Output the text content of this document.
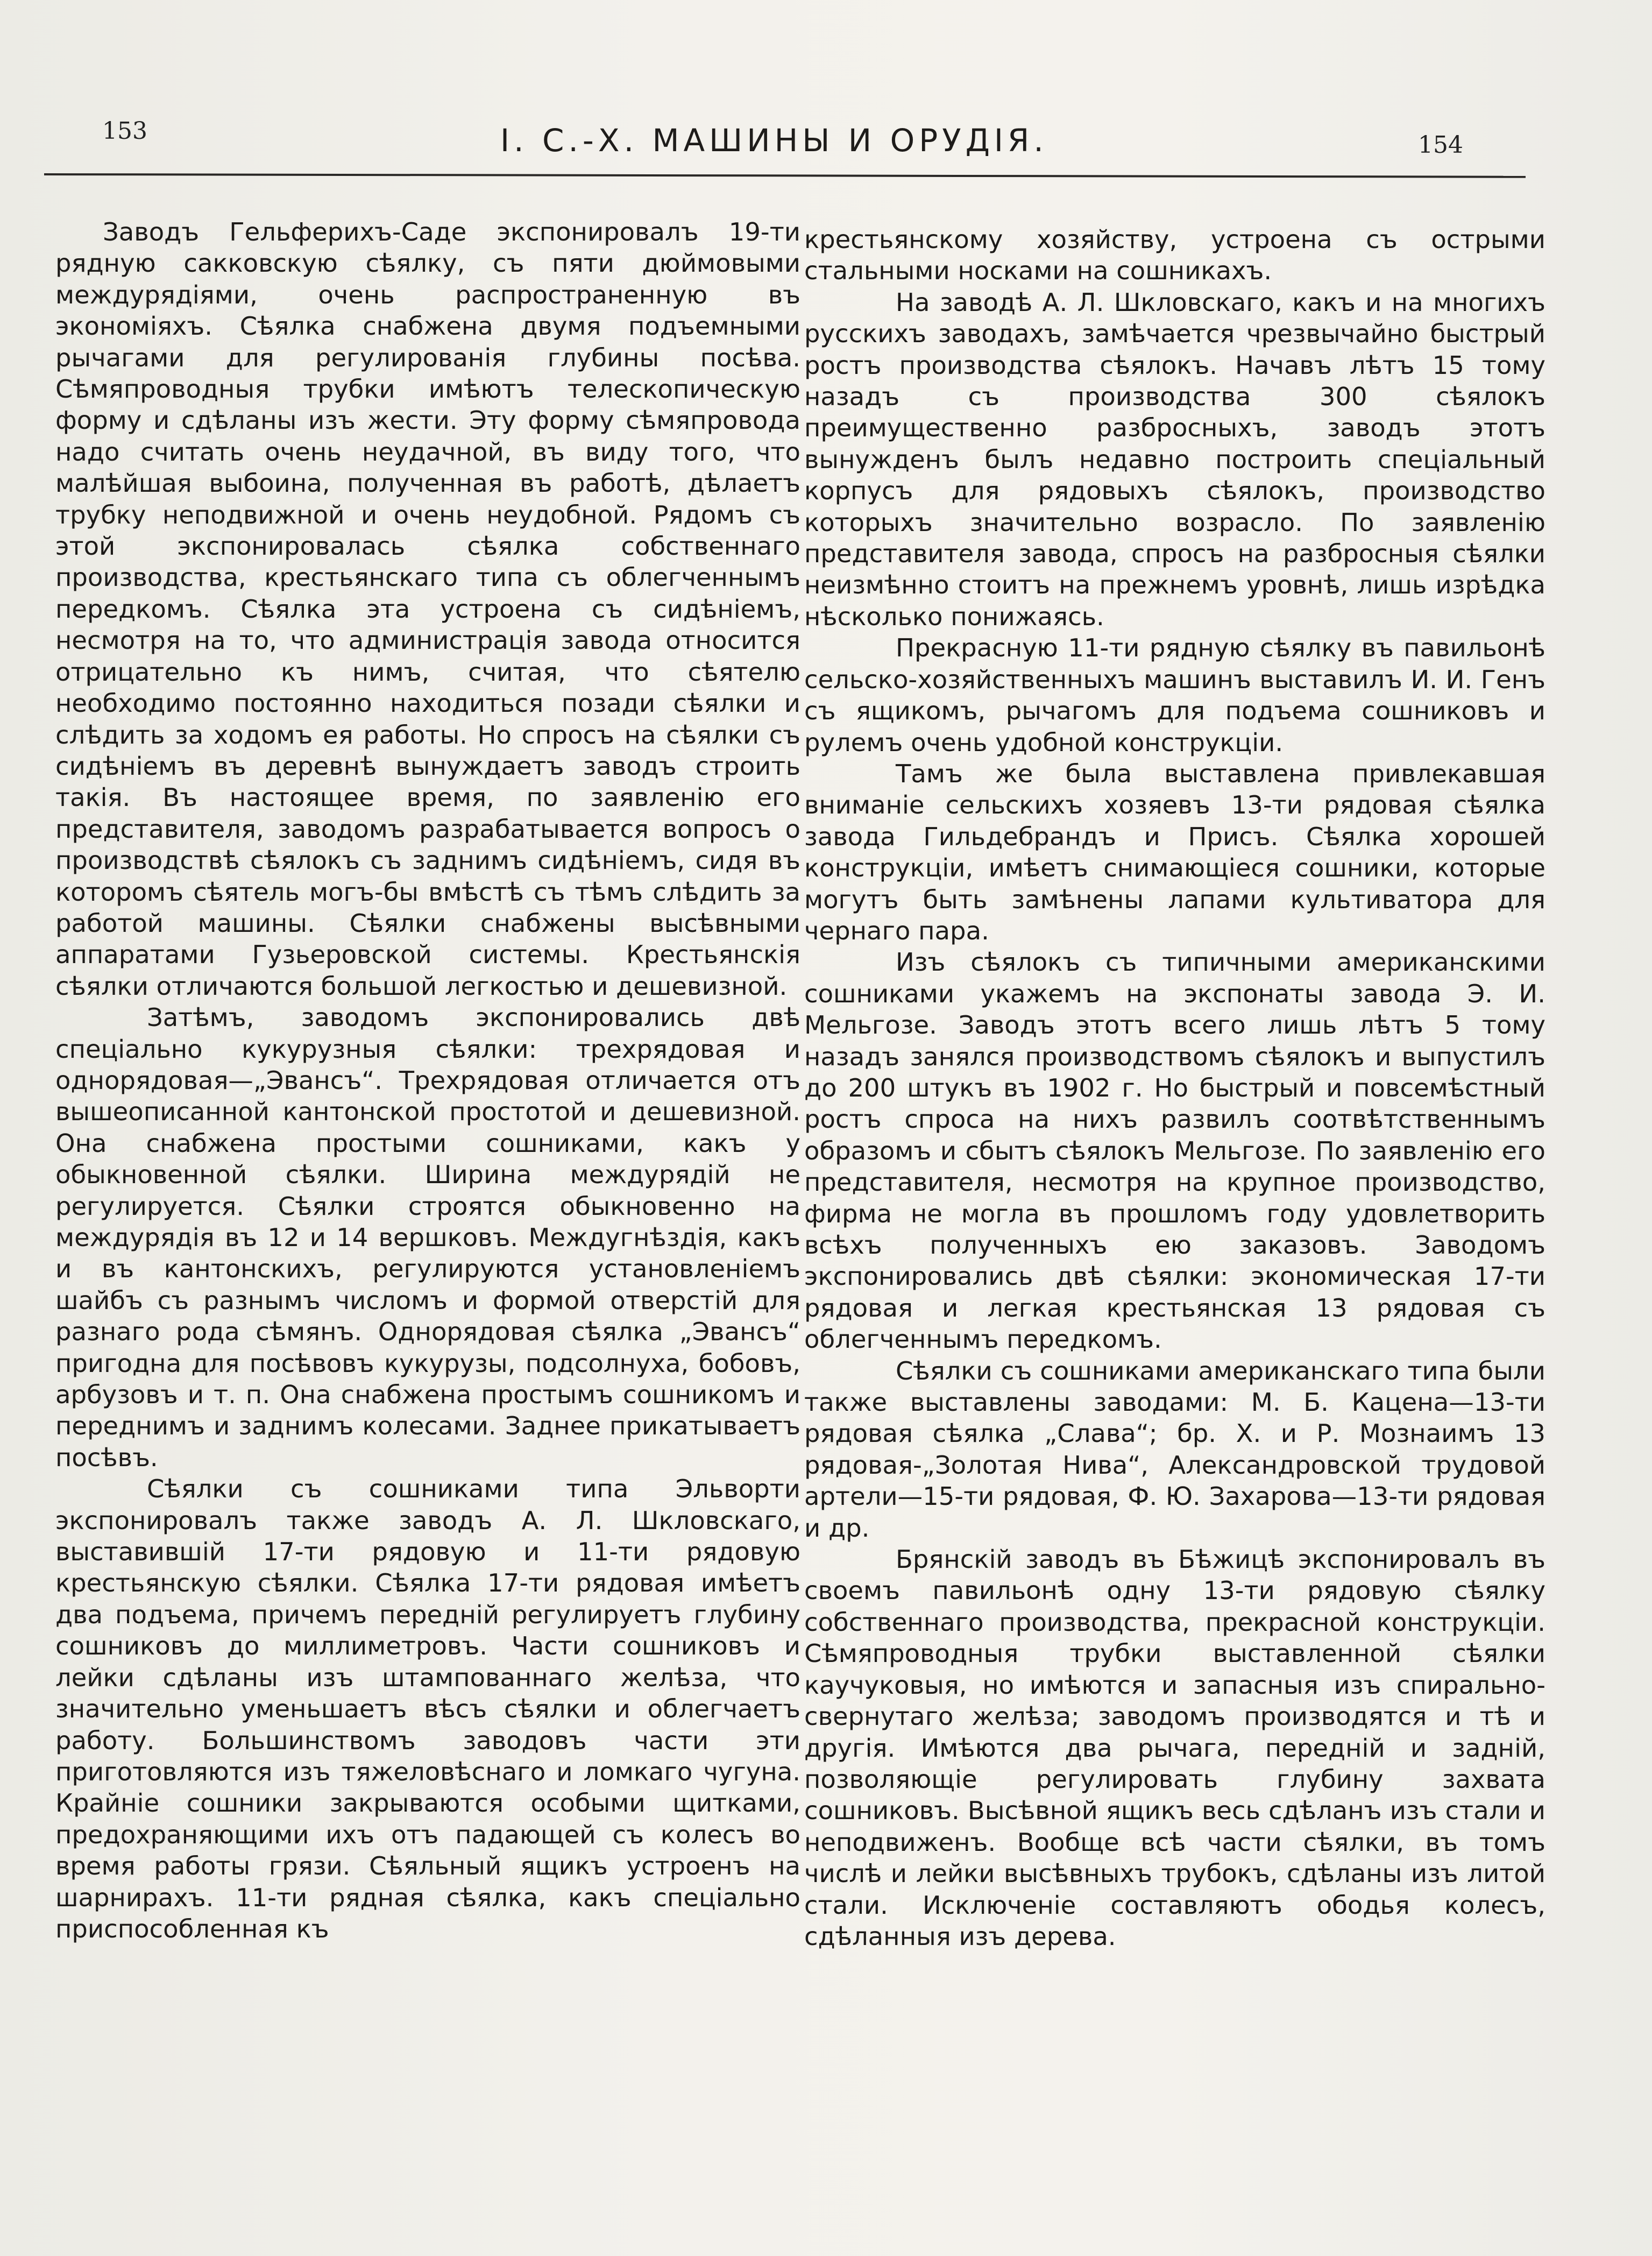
153	I. С.-Х. МАШИНЫ И ОРУДІЯ.	154

Заводъ Гельферихъ-Саде экспонировалъ 19-ти рядную сакковскую сѣялку, съ пяти дюймовыми междурядіями, очень распространенную въ экономіяхъ. Сѣялка снабжена двумя подъемными рычагами для регулированія глубины посѣва. Сѣмяпроводныя трубки имѣютъ телескопическую форму и сдѣланы изъ жести. Эту форму сѣмяпровода надо считать очень неудачной, въ виду того, что малѣйшая выбоина, полученная въ работѣ, дѣлаетъ трубку неподвижной и очень неудобной. Рядомъ съ этой экспонировалась сѣялка собственнаго производства, крестьянскаго типа съ облегченнымъ передкомъ. Сѣялка эта устроена съ сидѣніемъ, несмотря на то, что администрація завода относится отрицательно къ нимъ, считая, что сѣятелю необходимо постоянно находиться позади сѣялки и слѣдить за ходомъ ея работы. Но спросъ на сѣялки съ сидѣніемъ въ деревнѣ вынуждаетъ заводъ строить такія. Въ настоящее время, по заявленію его представителя, заводомъ разрабатывается вопросъ о производствѣ сѣялокъ съ заднимъ сидѣніемъ, сидя въ которомъ сѣятель могъ-бы вмѣстѣ съ тѣмъ слѣдить за работой машины. Сѣялки снабжены высѣвными аппаратами Гузьеровской системы. Крестьянскія сѣялки отличаются большой легкостью и дешевизной.

Затѣмъ, заводомъ экспонировались двѣ спеціально кукурузныя сѣялки: трехрядовая и однорядовая—„Эвансъ“. Трехрядовая отличается отъ вышеописанной кантонской простотой и дешевизной. Она снабжена простыми сошниками, какъ у обыкновенной сѣялки. Ширина междурядій не регулируется. Сѣялки строятся обыкновенно на междурядія въ 12 и 14 вершковъ. Междугнѣздія, какъ и въ кантонскихъ, регулируются установленіемъ шайбъ съ разнымъ числомъ и формой отверстій для разнаго рода сѣмянъ. Однорядовая сѣялка „Эвансъ“ пригодна для посѣвовъ кукурузы, подсолнуха, бобовъ, арбузовъ и т. п. Она снабжена простымъ сошникомъ и переднимъ и заднимъ колесами. Заднее прикатываетъ посѣвъ.

Сѣялки съ сошниками типа Эльворти экспонировалъ также заводъ А. Л. Шкловскаго, выставившій 17-ти рядовую и 11-ти рядовую крестьянскую сѣялки. Сѣялка 17-ти рядовая имѣетъ два подъема, причемъ передній регулируетъ глубину сошниковъ до миллиметровъ. Части сошниковъ и лейки сдѣланы изъ штампованнаго желѣза, что значительно уменьшаетъ вѣсъ сѣялки и облегчаетъ работу. Большинствомъ заводовъ части эти приготовляются изъ тяжеловѣснаго и ломкаго чугуна. Крайніе сошники закрываются особыми щитками, предохраняющими ихъ отъ падающей съ колесъ во время работы грязи. Сѣяльный ящикъ устроенъ на шарнирахъ. 11-ти рядная сѣялка, какъ спеціально приспособленная къ

крестьянскому хозяйству, устроена съ острыми стальными носками на сошникахъ.

На заводѣ А. Л. Шкловскаго, какъ и на многихъ русскихъ заводахъ, замѣчается чрезвычайно быстрый ростъ производства сѣялокъ. Начавъ лѣтъ 15 тому назадъ съ производства 300 сѣялокъ преимущественно разбросныхъ, заводъ этотъ вынужденъ былъ недавно построить спеціальный корпусъ для рядовыхъ сѣялокъ, производство которыхъ значительно возрасло. По заявленію представителя завода, спросъ на разбросныя сѣялки неизмѣнно стоитъ на прежнемъ уровнѣ, лишь изрѣдка нѣсколько понижаясь.

Прекрасную 11-ти рядную сѣялку въ павильонѣ сельско-хозяйственныхъ машинъ выставилъ И. И. Генъ съ ящикомъ, рычагомъ для подъема сошниковъ и рулемъ очень удобной конструкціи.

Тамъ же была выставлена привлекавшая вниманіе сельскихъ хозяевъ 13-ти рядовая сѣялка завода Гильдебрандъ и Присъ. Сѣялка хорошей конструкціи, имѣетъ снимающіеся сошники, которые могутъ быть замѣнены лапами культиватора для чернаго пара.

Изъ сѣялокъ съ типичными американскими сошниками укажемъ на экспонаты завода Э. И. Мельгозе. Заводъ этотъ всего лишь лѣтъ 5 тому назадъ занялся производствомъ сѣялокъ и выпустилъ до 200 штукъ въ 1902 г. Но быстрый и повсемѣстный ростъ спроса на нихъ развилъ соотвѣтственнымъ образомъ и сбытъ сѣялокъ Мельгозе. По заявленію его представителя, несмотря на крупное производство, фирма не могла въ прошломъ году удовлетворить всѣхъ полученныхъ ею заказовъ. Заводомъ экспонировались двѣ сѣялки: экономическая 17-ти рядовая и легкая крестьянская 13 рядовая съ облегченнымъ передкомъ.

Сѣялки съ сошниками американскаго типа были также выставлены заводами: М. Б. Кацена—13-ти рядовая сѣялка „Слава“; бр. Х. и Р. Мознаимъ 13 рядовая-„Золотая Нива“, Александровской трудовой артели—15-ти рядовая, Ф. Ю. Захарова—13-ти рядовая и др.

Брянскій заводъ въ Бѣжицѣ экспонировалъ въ своемъ павильонѣ одну 13-ти рядовую сѣялку собственнаго производства, прекрасной конструкціи. Сѣмяпроводныя трубки выставленной сѣялки каучуковыя, но имѣются и запасныя изъ спирально-свернутаго желѣза; заводомъ производятся и тѣ и другія. Имѣются два рычага, передній и задній, позволяющіе регулировать глубину захвата сошниковъ. Высѣвной ящикъ весь сдѣланъ изъ стали и неподвиженъ. Вообще всѣ части сѣялки, въ томъ числѣ и лейки высѣвныхъ трубокъ, сдѣланы изъ литой стали. Исключеніе составляютъ ободья колесъ, сдѣланныя изъ дерева.
